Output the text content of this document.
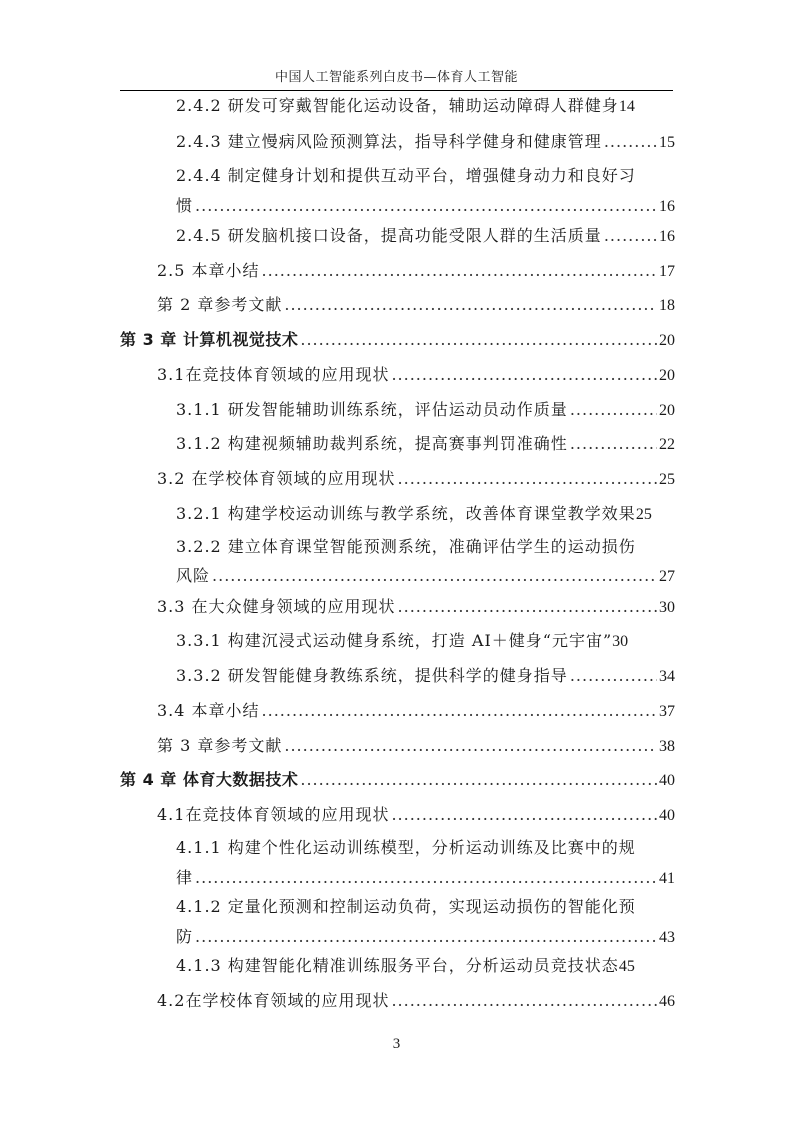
中国人工智能系列白皮书—体育人工智能
2.4.2 研发可穿戴智能化运动设备，辅助运动障碍人群健身 14
2.4.3 建立慢病风险预测算法，指导科学健身和健康管理 .....	15
2.4.4 制定健身计划和提供互动平台，增强健身动力和良好习
惯 .....	16
2.4.5 研发脑机接口设备，提高功能受限人群的生活质量 .....	16
2.5 本章小结 .....	17
第 2 章参考文献 .....	18
第 3 章 计算机视觉技术 .....	20
3.1在竞技体育领域的应用现状 .....	20
3.1.1 研发智能辅助训练系统，评估运动员动作质量 .....	20
3.1.2 构建视频辅助裁判系统，提高赛事判罚准确性 .....	22
3.2 在学校体育领域的应用现状 .....	25
3.2.1 构建学校运动训练与教学系统，改善体育课堂教学效果 25
3.2.2 建立体育课堂智能预测系统，准确评估学生的运动损伤
风险 .....	27
3.3 在大众健身领域的应用现状 .....	30
3.3.1 构建沉浸式运动健身系统，打造 AI＋健身“元宇宙” 30
3.3.2 研发智能健身教练系统，提供科学的健身指导 .....	34
3.4 本章小结 .....	37
第 3 章参考文献 .....	38
第 4 章 体育大数据技术 .....	40
4.1在竞技体育领域的应用现状 .....	40
4.1.1 构建个性化运动训练模型，分析运动训练及比赛中的规
律 .....	41
4.1.2 定量化预测和控制运动负荷，实现运动损伤的智能化预
防 .....	43
4.1.3 构建智能化精准训练服务平台，分析运动员竞技状态 45
4.2在学校体育领域的应用现状 .....	46
3
